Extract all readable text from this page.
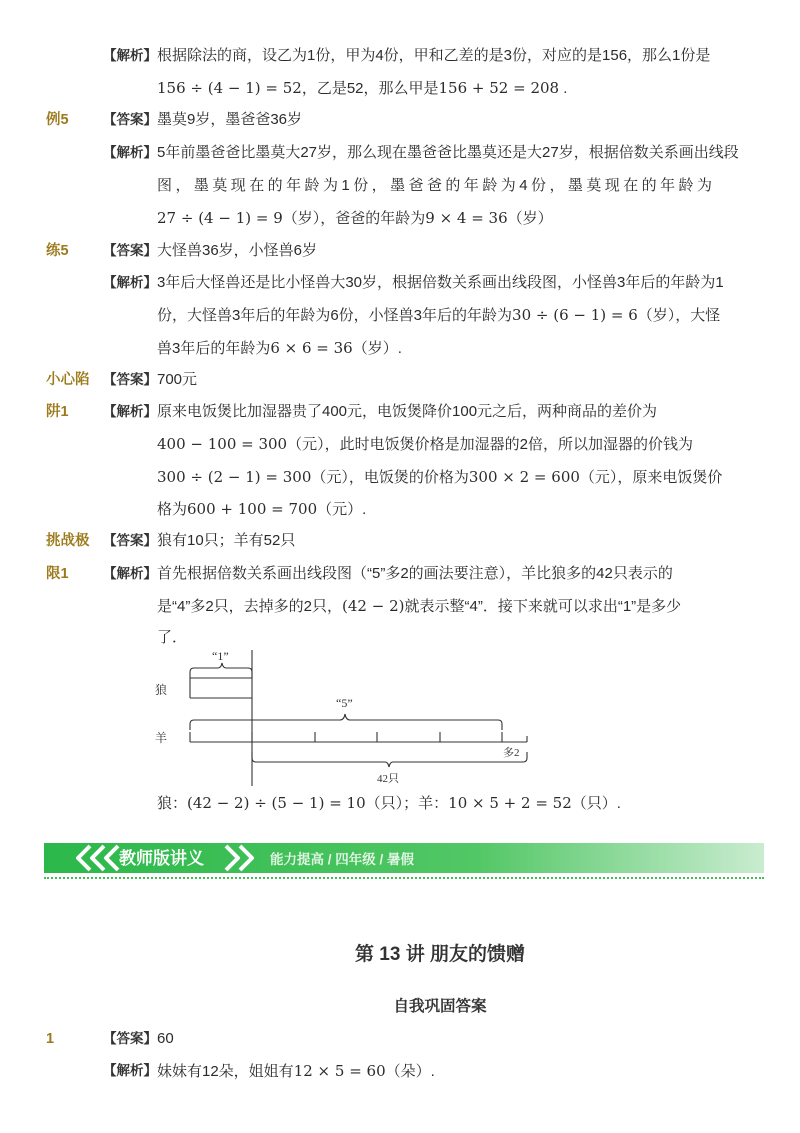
【解析】 根据除法的商，设乙为1份，甲为4份，甲和乙差的是3份，对应的是156，那么1份是
156 ÷ (4 − 1) = 52，乙是52，那么甲是156 + 52 = 208 .
例5	【答案】 墨莫9岁，墨爸爸36岁
【解析】 5年前墨爸爸比墨莫大27岁，那么现在墨爸爸比墨莫还是大27岁，根据倍数关系画出线段
图，墨莫现在的年龄为1份，墨爸爸的年龄为4份，墨莫现在的年龄为
27 ÷ (4 − 1) = 9（岁），爸爸的年龄为9 × 4 = 36（岁）
练5	【答案】 大怪兽36岁，小怪兽6岁
【解析】 3年后大怪兽还是比小怪兽大30岁，根据倍数关系画出线段图，小怪兽3年后的年龄为1
份，大怪兽3年后的年龄为6份，小怪兽3年后的年龄为30 ÷ (6 − 1) = 6（岁），大怪
兽3年后的年龄为6 × 6 = 36（岁）.
小心陷
阱1
【答案】 700元
【解析】 原来电饭煲比加湿器贵了400元，电饭煲降价100元之后，两种商品的差价为
400 − 100 = 300（元），此时电饭煲价格是加湿器的2倍，所以加湿器的价钱为
300 ÷ (2 − 1) = 300（元），电饭煲的价格为300 × 2 = 600（元），原来电饭煲价
格为600 + 100 = 700（元）.
挑战极
限1
【答案】 狼有10只；羊有52只
【解析】 首先根据倍数关系画出线段图（“5”多2的画法要注意），羊比狼多的42只表示的
是“4”多2只，去掉多的2只，(42 − 2)就表示整“4”．接下来就可以求出“1”是多少
了．
“1”
“5”
狼
羊
多2
42只
狼：(42 − 2) ÷ (5 − 1) = 10（只）；羊：10 × 5 + 2 = 52（只）.
教师版讲义	能力提高 / 四年级 / 暑假
第 13 讲 朋友的馈赠
自我巩固答案
1	【答案】 60
【解析】 妹妹有12朵，姐姐有12 × 5 = 60（朵）.
